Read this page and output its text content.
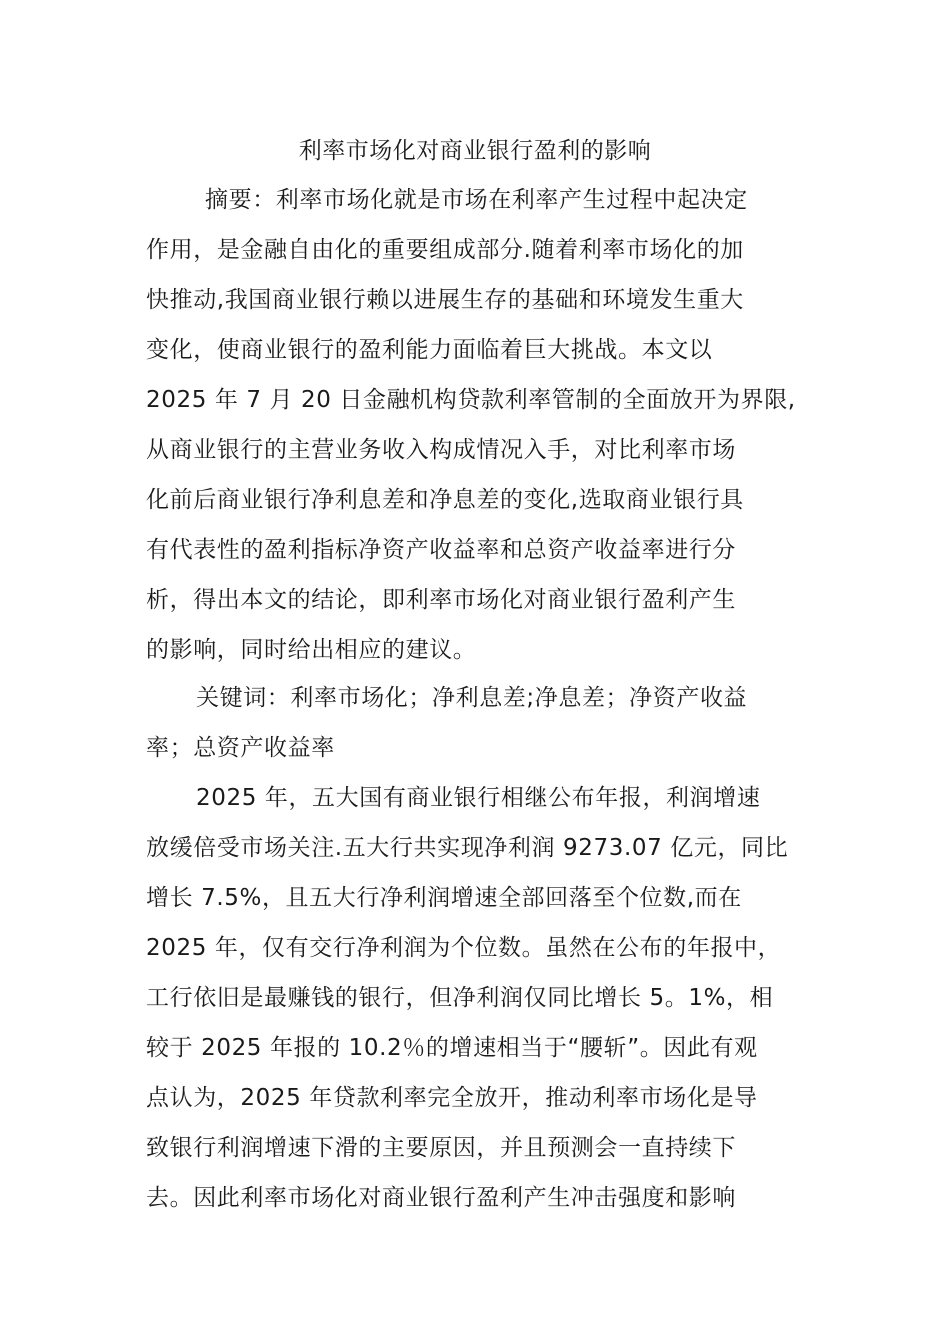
利率市场化对商业银行盈利的影响
摘要：利率市场化就是市场在利率产生过程中起决定
作用，是金融自由化的重要组成部分.随着利率市场化的加
快推动,我国商业银行赖以进展生存的基础和环境发生重大
变化，使商业银行的盈利能力面临着巨大挑战。本文以
2025 年 7 月 20 日金融机构贷款利率管制的全面放开为界限,
从商业银行的主营业务收入构成情况入手，对比利率市场
化前后商业银行净利息差和净息差的变化,选取商业银行具
有代表性的盈利指标净资产收益率和总资产收益率进行分
析，得出本文的结论，即利率市场化对商业银行盈利产生
的影响，同时给出相应的建议。
关键词：利率市场化；净利息差;净息差；净资产收益
率；总资产收益率
2025 年，五大国有商业银行相继公布年报，利润增速
放缓倍受市场关注.五大行共实现净利润 9273.07 亿元，同比
增长 7.5%，且五大行净利润增速全部回落至个位数,而在
2025 年，仅有交行净利润为个位数。虽然在公布的年报中，
工行依旧是最赚钱的银行，但净利润仅同比增长 5。1%，相
较于 2025 年报的 10.2％的增速相当于“腰斩”。因此有观
点认为，2025 年贷款利率完全放开，推动利率市场化是导
致银行利润增速下滑的主要原因，并且预测会一直持续下
去。因此利率市场化对商业银行盈利产生冲击强度和影响
